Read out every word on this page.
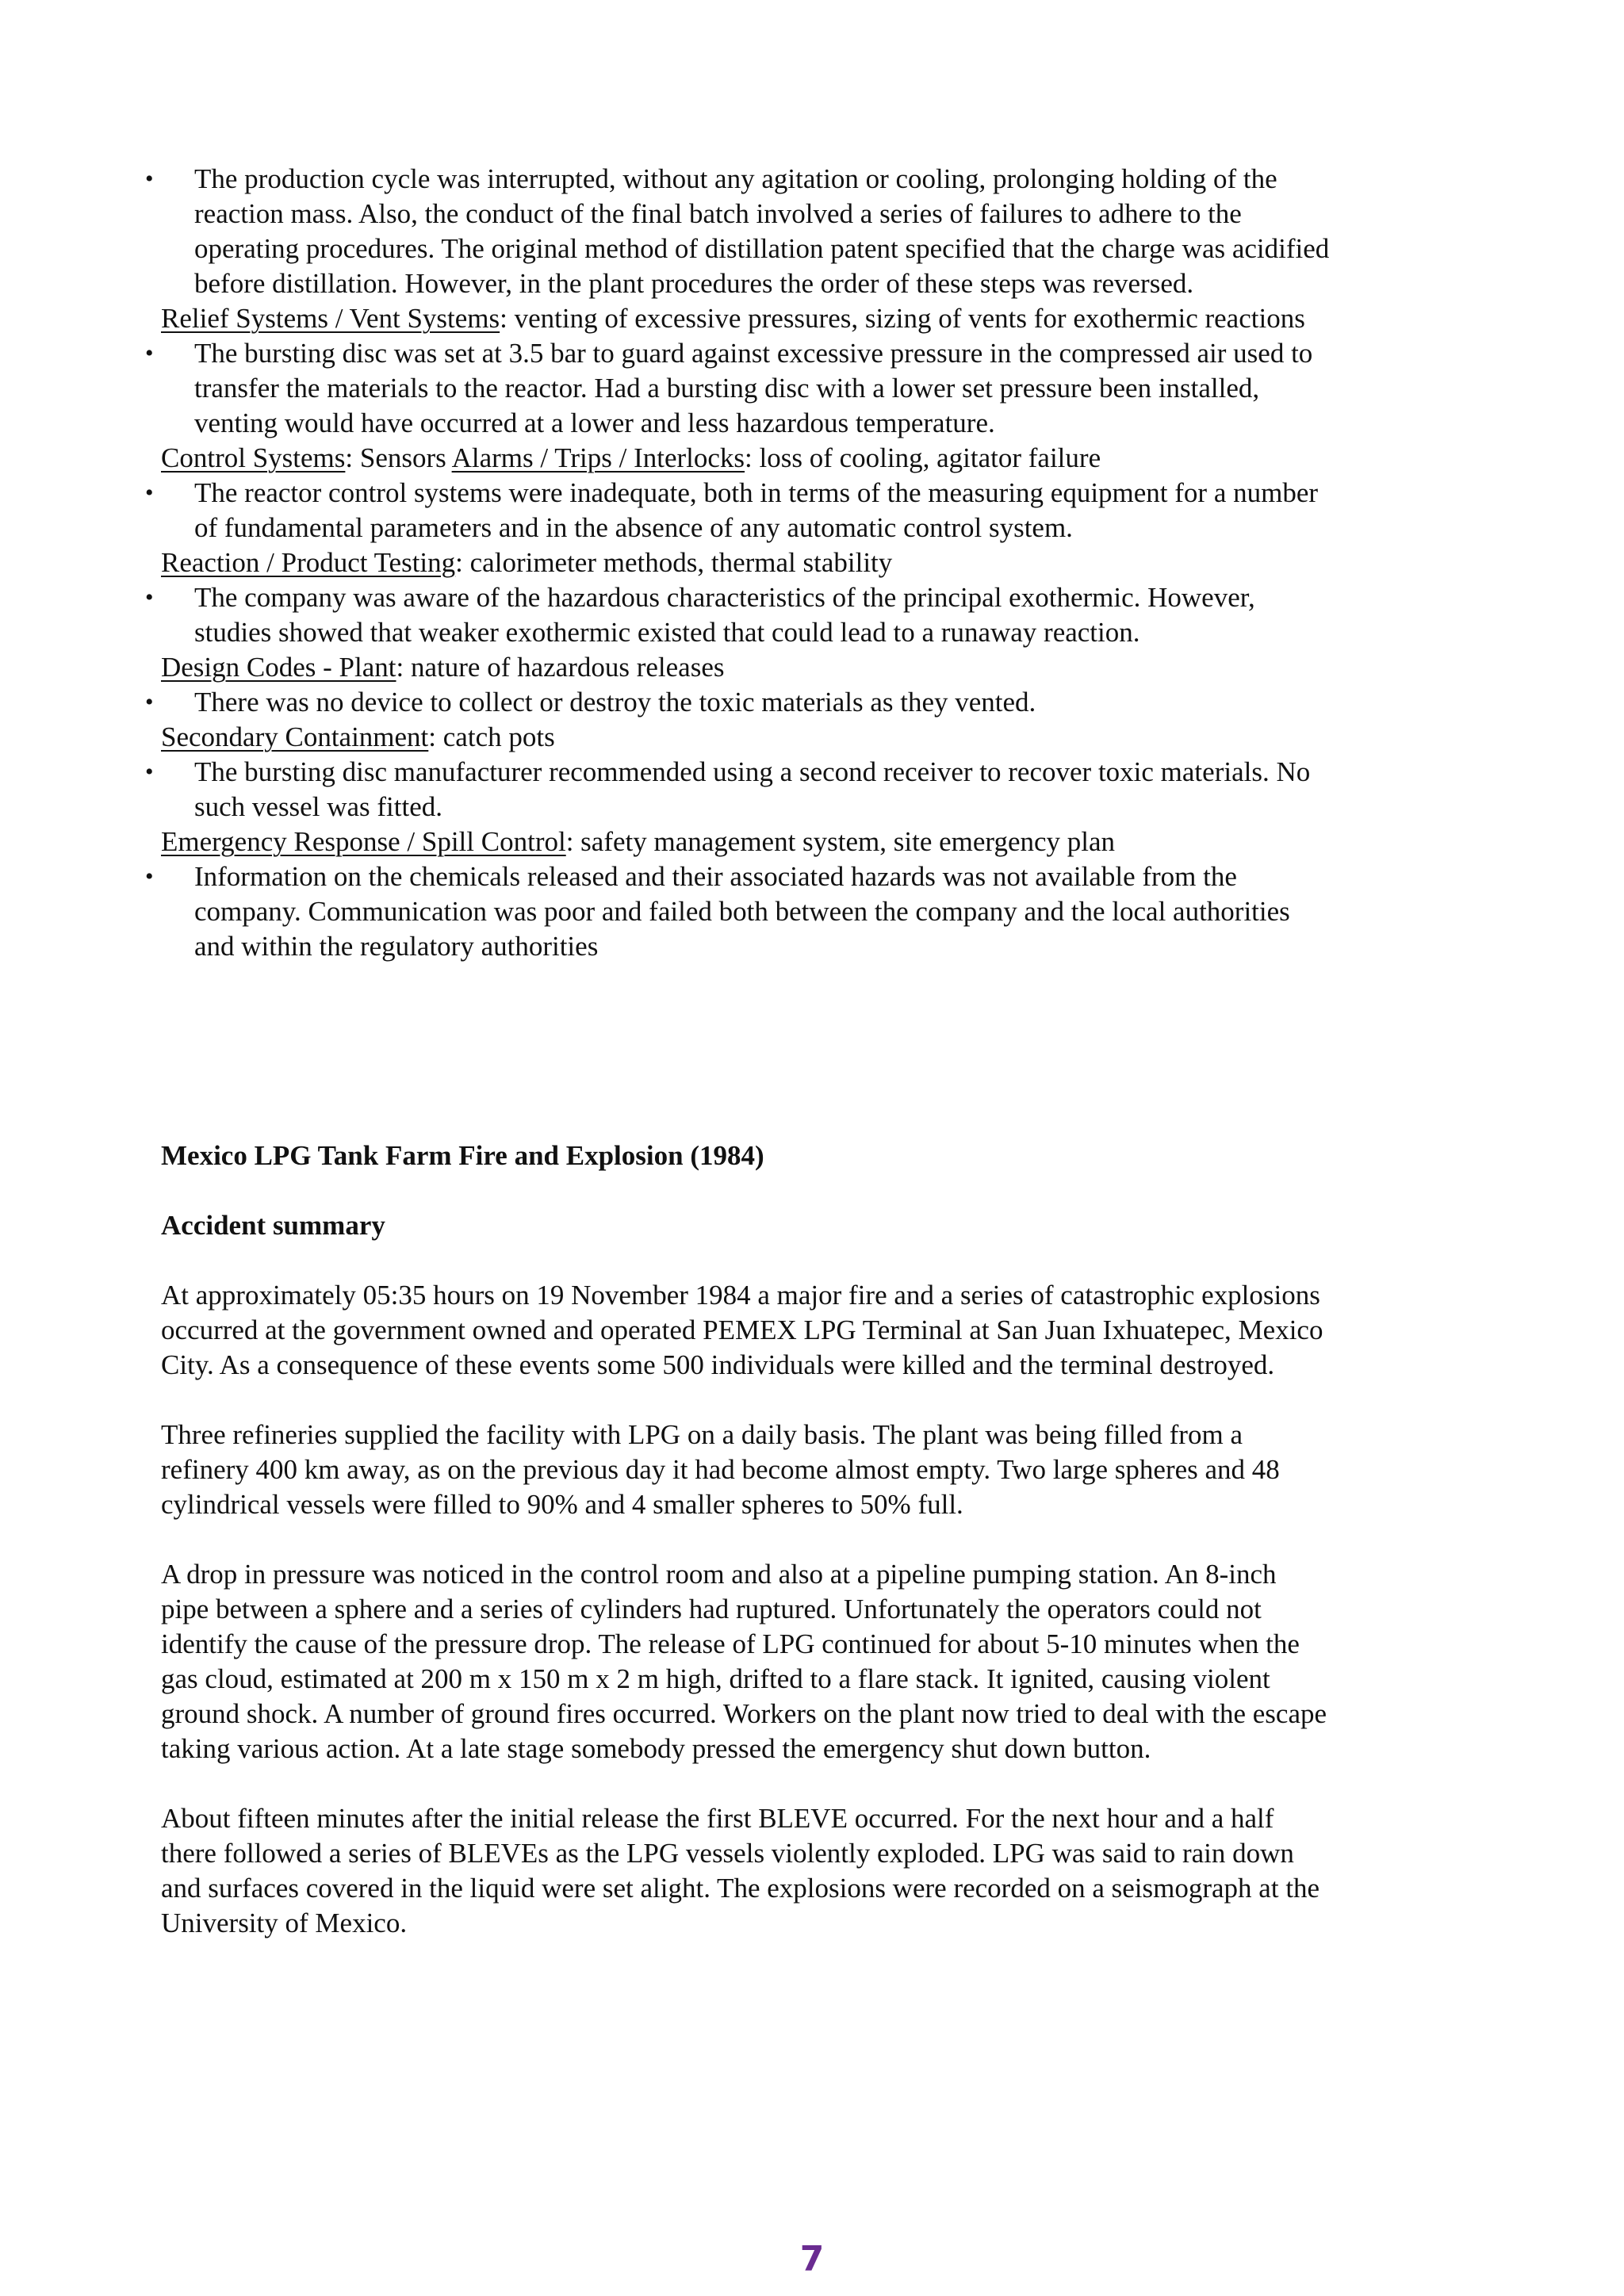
• The production cycle was interrupted, without any agitation or cooling, prolonging holding of the
reaction mass. Also, the conduct of the final batch involved a series of failures to adhere to the
operating procedures. The original method of distillation patent specified that the charge was acidified
before distillation. However, in the plant procedures the order of these steps was reversed.
Relief Systems / Vent Systems: venting of excessive pressures, sizing of vents for exothermic reactions
• The bursting disc was set at 3.5 bar to guard against excessive pressure in the compressed air used to
transfer the materials to the reactor. Had a bursting disc with a lower set pressure been installed,
venting would have occurred at a lower and less hazardous temperature.
Control Systems: Sensors Alarms / Trips / Interlocks: loss of cooling, agitator failure
• The reactor control systems were inadequate, both in terms of the measuring equipment for a number
of fundamental parameters and in the absence of any automatic control system.
Reaction / Product Testing: calorimeter methods, thermal stability
• The company was aware of the hazardous characteristics of the principal exothermic. However,
studies showed that weaker exothermic existed that could lead to a runaway reaction.
Design Codes - Plant: nature of hazardous releases
• There was no device to collect or destroy the toxic materials as they vented.
Secondary Containment: catch pots
• The bursting disc manufacturer recommended using a second receiver to recover toxic materials. No
such vessel was fitted.
Emergency Response / Spill Control: safety management system, site emergency plan
• Information on the chemicals released and their associated hazards was not available from the
company. Communication was poor and failed both between the company and the local authorities
and within the regulatory authorities
Mexico LPG Tank Farm Fire and Explosion (1984)
Accident summary
At approximately 05:35 hours on 19 November 1984 a major fire and a series of catastrophic explosions
occurred at the government owned and operated PEMEX LPG Terminal at San Juan Ixhuatepec, Mexico
City. As a consequence of these events some 500 individuals were killed and the terminal destroyed.
Three refineries supplied the facility with LPG on a daily basis. The plant was being filled from a
refinery 400 km away, as on the previous day it had become almost empty. Two large spheres and 48
cylindrical vessels were filled to 90% and 4 smaller spheres to 50% full.
A drop in pressure was noticed in the control room and also at a pipeline pumping station. An 8-inch
pipe between a sphere and a series of cylinders had ruptured. Unfortunately the operators could not
identify the cause of the pressure drop. The release of LPG continued for about 5-10 minutes when the
gas cloud, estimated at 200 m x 150 m x 2 m high, drifted to a flare stack. It ignited, causing violent
ground shock. A number of ground fires occurred. Workers on the plant now tried to deal with the escape
taking various action. At a late stage somebody pressed the emergency shut down button.
About fifteen minutes after the initial release the first BLEVE occurred. For the next hour and a half
there followed a series of BLEVEs as the LPG vessels violently exploded. LPG was said to rain down
and surfaces covered in the liquid were set alight. The explosions were recorded on a seismograph at the
University of Mexico.
7
